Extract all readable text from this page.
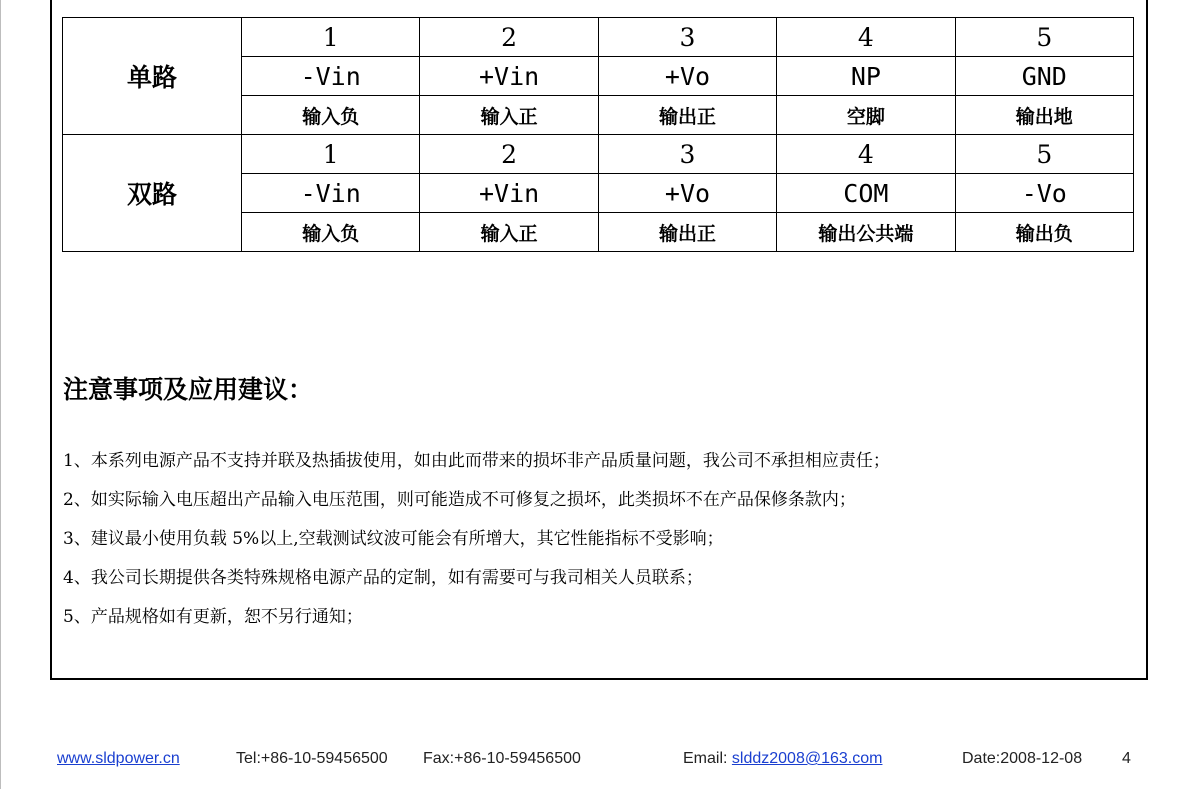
单路	1	2	3	4	5
	-Vin	+Vin	+Vo	NP	GND
	输入负	输入正	输出正	空脚	输出地
双路	1	2	3	4	5
	-Vin	+Vin	+Vo	COM	-Vo
	输入负	输入正	输出正	输出公共端	输出负
注意事项及应用建议：
1、本系列电源产品不支持并联及热插拔使用，如由此而带来的损坏非产品质量问题，我公司不承担相应责任；
2、如实际输入电压超出产品输入电压范围，则可能造成不可修复之损坏，此类损坏不在产品保修条款内；
3、建议最小使用负载 5%以上,空载测试纹波可能会有所增大，其它性能指标不受影响；
4、我公司长期提供各类特殊规格电源产品的定制，如有需要可与我司相关人员联系；
5、产品规格如有更新，恕不另行通知；
www.sldpower.cn	Tel:+86-10-59456500 Fax:+86-10-59456500	Email: slddz2008@163.com	Date:2008-12-08 4
